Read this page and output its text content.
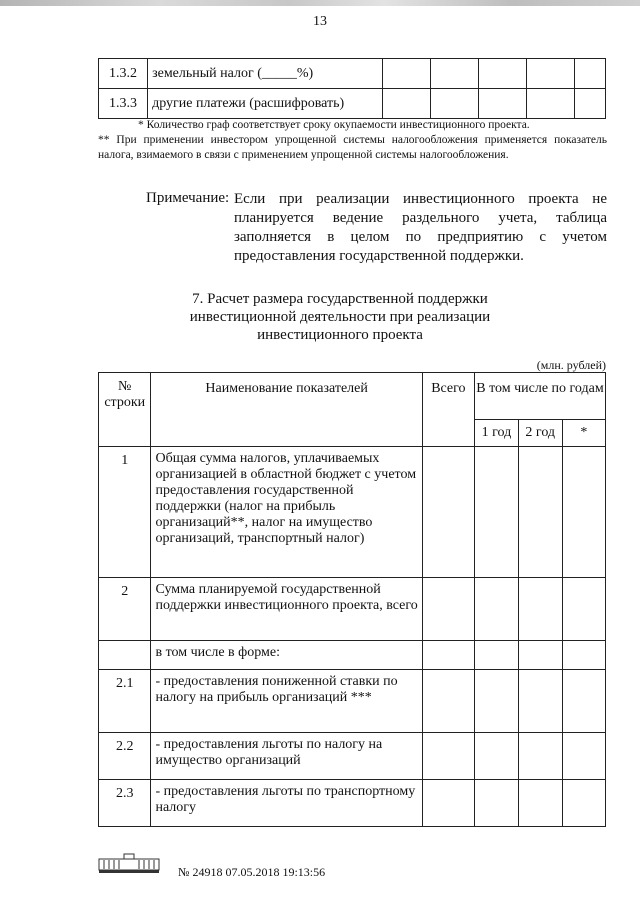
13
1.3.2	земельный налог (_____%)					
1.3.3	другие платежи (расшифровать)					
* Количество граф соответствует сроку окупаемости инвестиционного проекта.
** При применении инвестором упрощенной системы налогообложения применяется показатель налога, взимаемого в связи с применением упрощенной системы налогообложения.
Примечание: Если при реализации инвестиционного проекта не планируется ведение раздельного учета, таблица заполняется в целом по предприятию с учетом предоставления государственной поддержки.
7. Расчет размера государственной поддержки
инвестиционной деятельности при реализации
инвестиционного проекта
(млн. рублей)
№ строки	Наименование показателей	Всего	В том числе по годам		
			1 год	2 год	*
1	Общая сумма налогов, уплачиваемых организацией в областной бюджет с учетом предоставления государственной поддержки (налог на прибыль организаций**, налог на имущество организаций, транспортный налог)				
2	Сумма планируемой государственной поддержки инвестиционного проекта, всего				
	в том числе в форме:				
2.1	- предоставления пониженной ставки по налогу на прибыль организаций ***				
2.2	- предоставления льготы по налогу на имущество организаций				
2.3	- предоставления льготы по транспортному налогу				
№ 24918 07.05.2018 19:13:56
